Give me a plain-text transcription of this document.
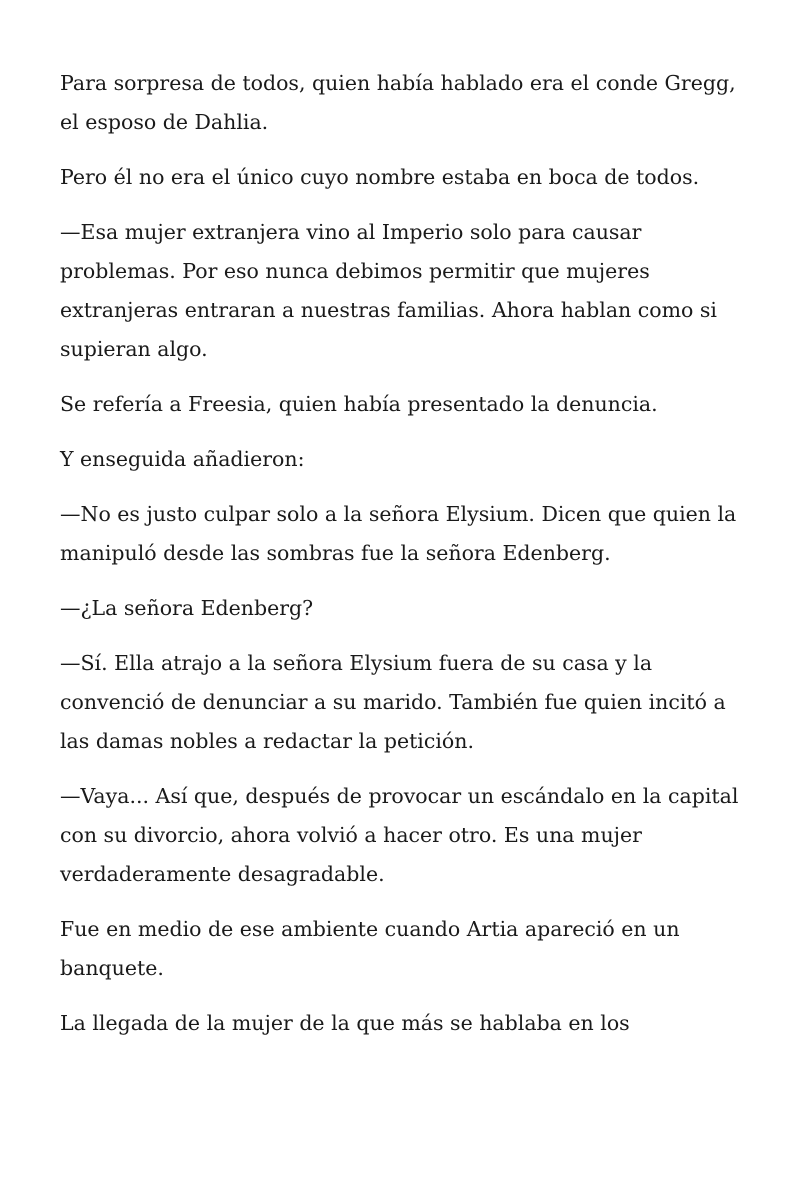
Para sorpresa de todos, quien había hablado era el conde Gregg, el esposo de Dahlia.

Pero él no era el único cuyo nombre estaba en boca de todos.

—Esa mujer extranjera vino al Imperio solo para causar problemas. Por eso nunca debimos permitir que mujeres extranjeras entraran a nuestras familias. Ahora hablan como si supieran algo.

Se refería a Freesia, quien había presentado la denuncia.

Y enseguida añadieron:

—No es justo culpar solo a la señora Elysium. Dicen que quien la manipuló desde las sombras fue la señora Edenberg.

—¿La señora Edenberg?

—Sí. Ella atrajo a la señora Elysium fuera de su casa y la convenció de denunciar a su marido. También fue quien incitó a las damas nobles a redactar la petición.

—Vaya... Así que, después de provocar un escándalo en la capital con su divorcio, ahora volvió a hacer otro. Es una mujer verdaderamente desagradable.

Fue en medio de ese ambiente cuando Artia apareció en un banquete.

La llegada de la mujer de la que más se hablaba en los
